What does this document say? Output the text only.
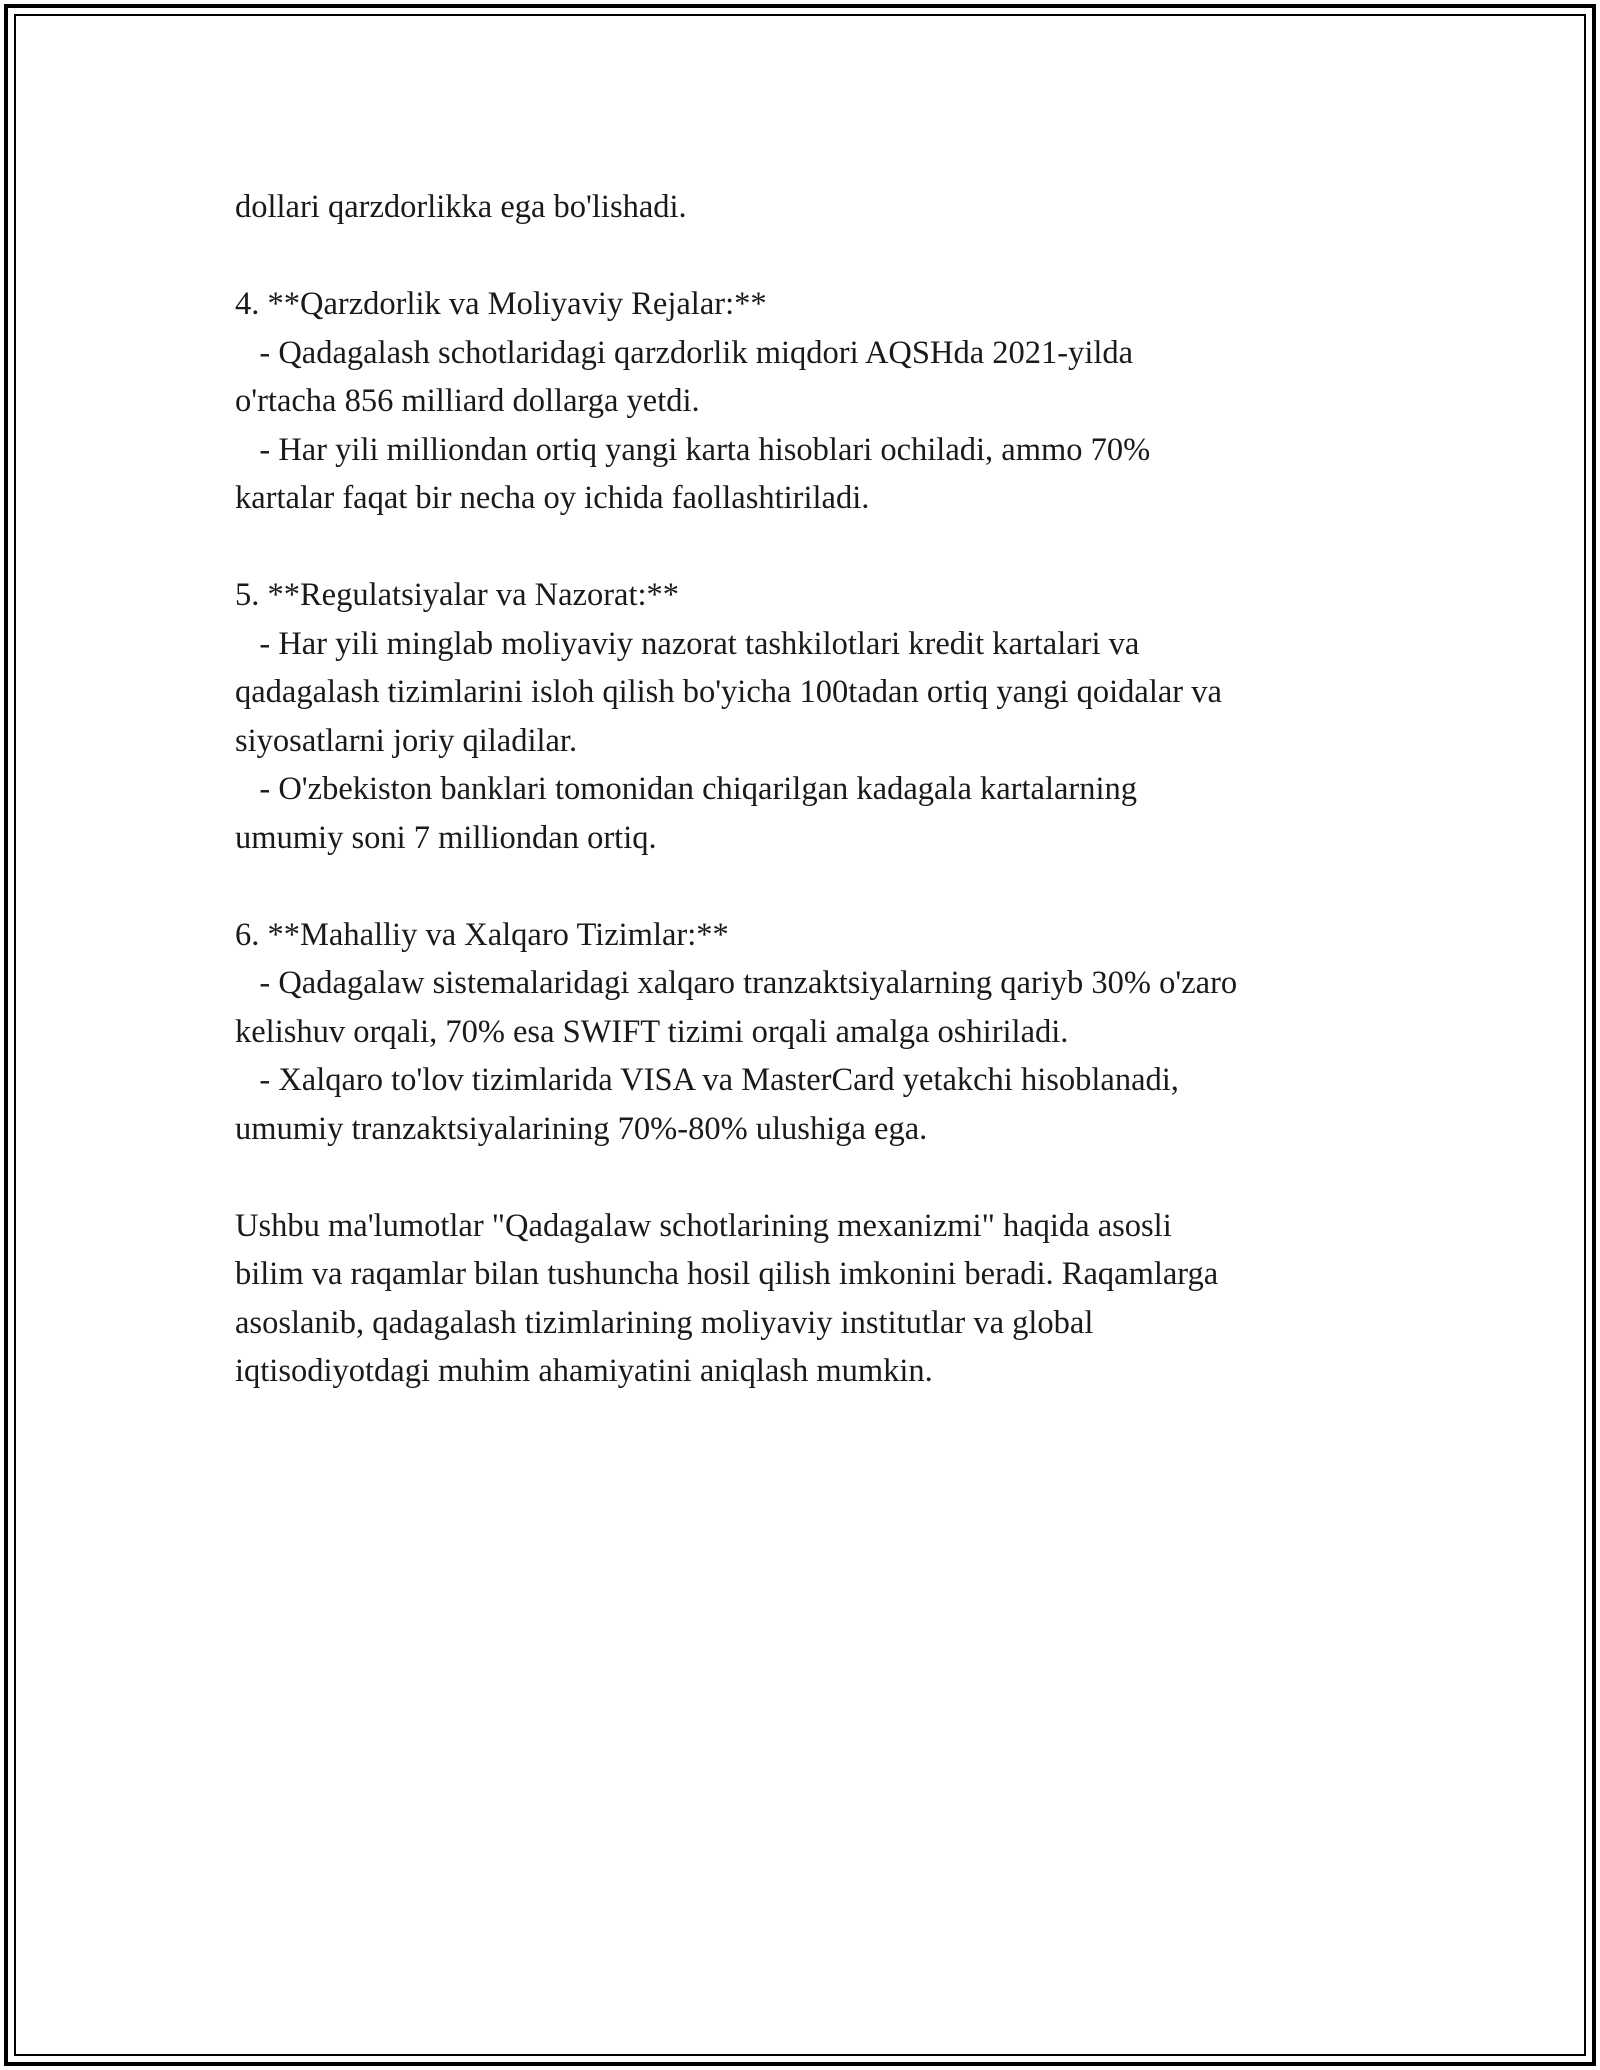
dollari qarzdorlikka ega bo'lishadi.
4. **Qarzdorlik va Moliyaviy Rejalar:**
- Qadagalash schotlaridagi qarzdorlik miqdori AQSHda 2021-yilda
o'rtacha 856 milliard dollarga yetdi.
- Har yili milliondan ortiq yangi karta hisoblari ochiladi, ammo 70%
kartalar faqat bir necha oy ichida faollashtiriladi.
5. **Regulatsiyalar va Nazorat:**
- Har yili minglab moliyaviy nazorat tashkilotlari kredit kartalari va
qadagalash tizimlarini isloh qilish bo'yicha 100tadan ortiq yangi qoidalar va
siyosatlarni joriy qiladilar.
- O'zbekiston banklari tomonidan chiqarilgan kadagala kartalarning
umumiy soni 7 milliondan ortiq.
6. **Mahalliy va Xalqaro Tizimlar:**
- Qadagalaw sistemalaridagi xalqaro tranzaktsiyalarning qariyb 30% o'zaro
kelishuv orqali, 70% esa SWIFT tizimi orqali amalga oshiriladi.
- Xalqaro to'lov tizimlarida VISA va MasterCard yetakchi hisoblanadi,
umumiy tranzaktsiyalarining 70%-80% ulushiga ega.
Ushbu ma'lumotlar "Qadagalaw schotlarining mexanizmi" haqida asosli
bilim va raqamlar bilan tushuncha hosil qilish imkonini beradi. Raqamlarga
asoslanib, qadagalash tizimlarining moliyaviy institutlar va global
iqtisodiyotdagi muhim ahamiyatini aniqlash mumkin.
